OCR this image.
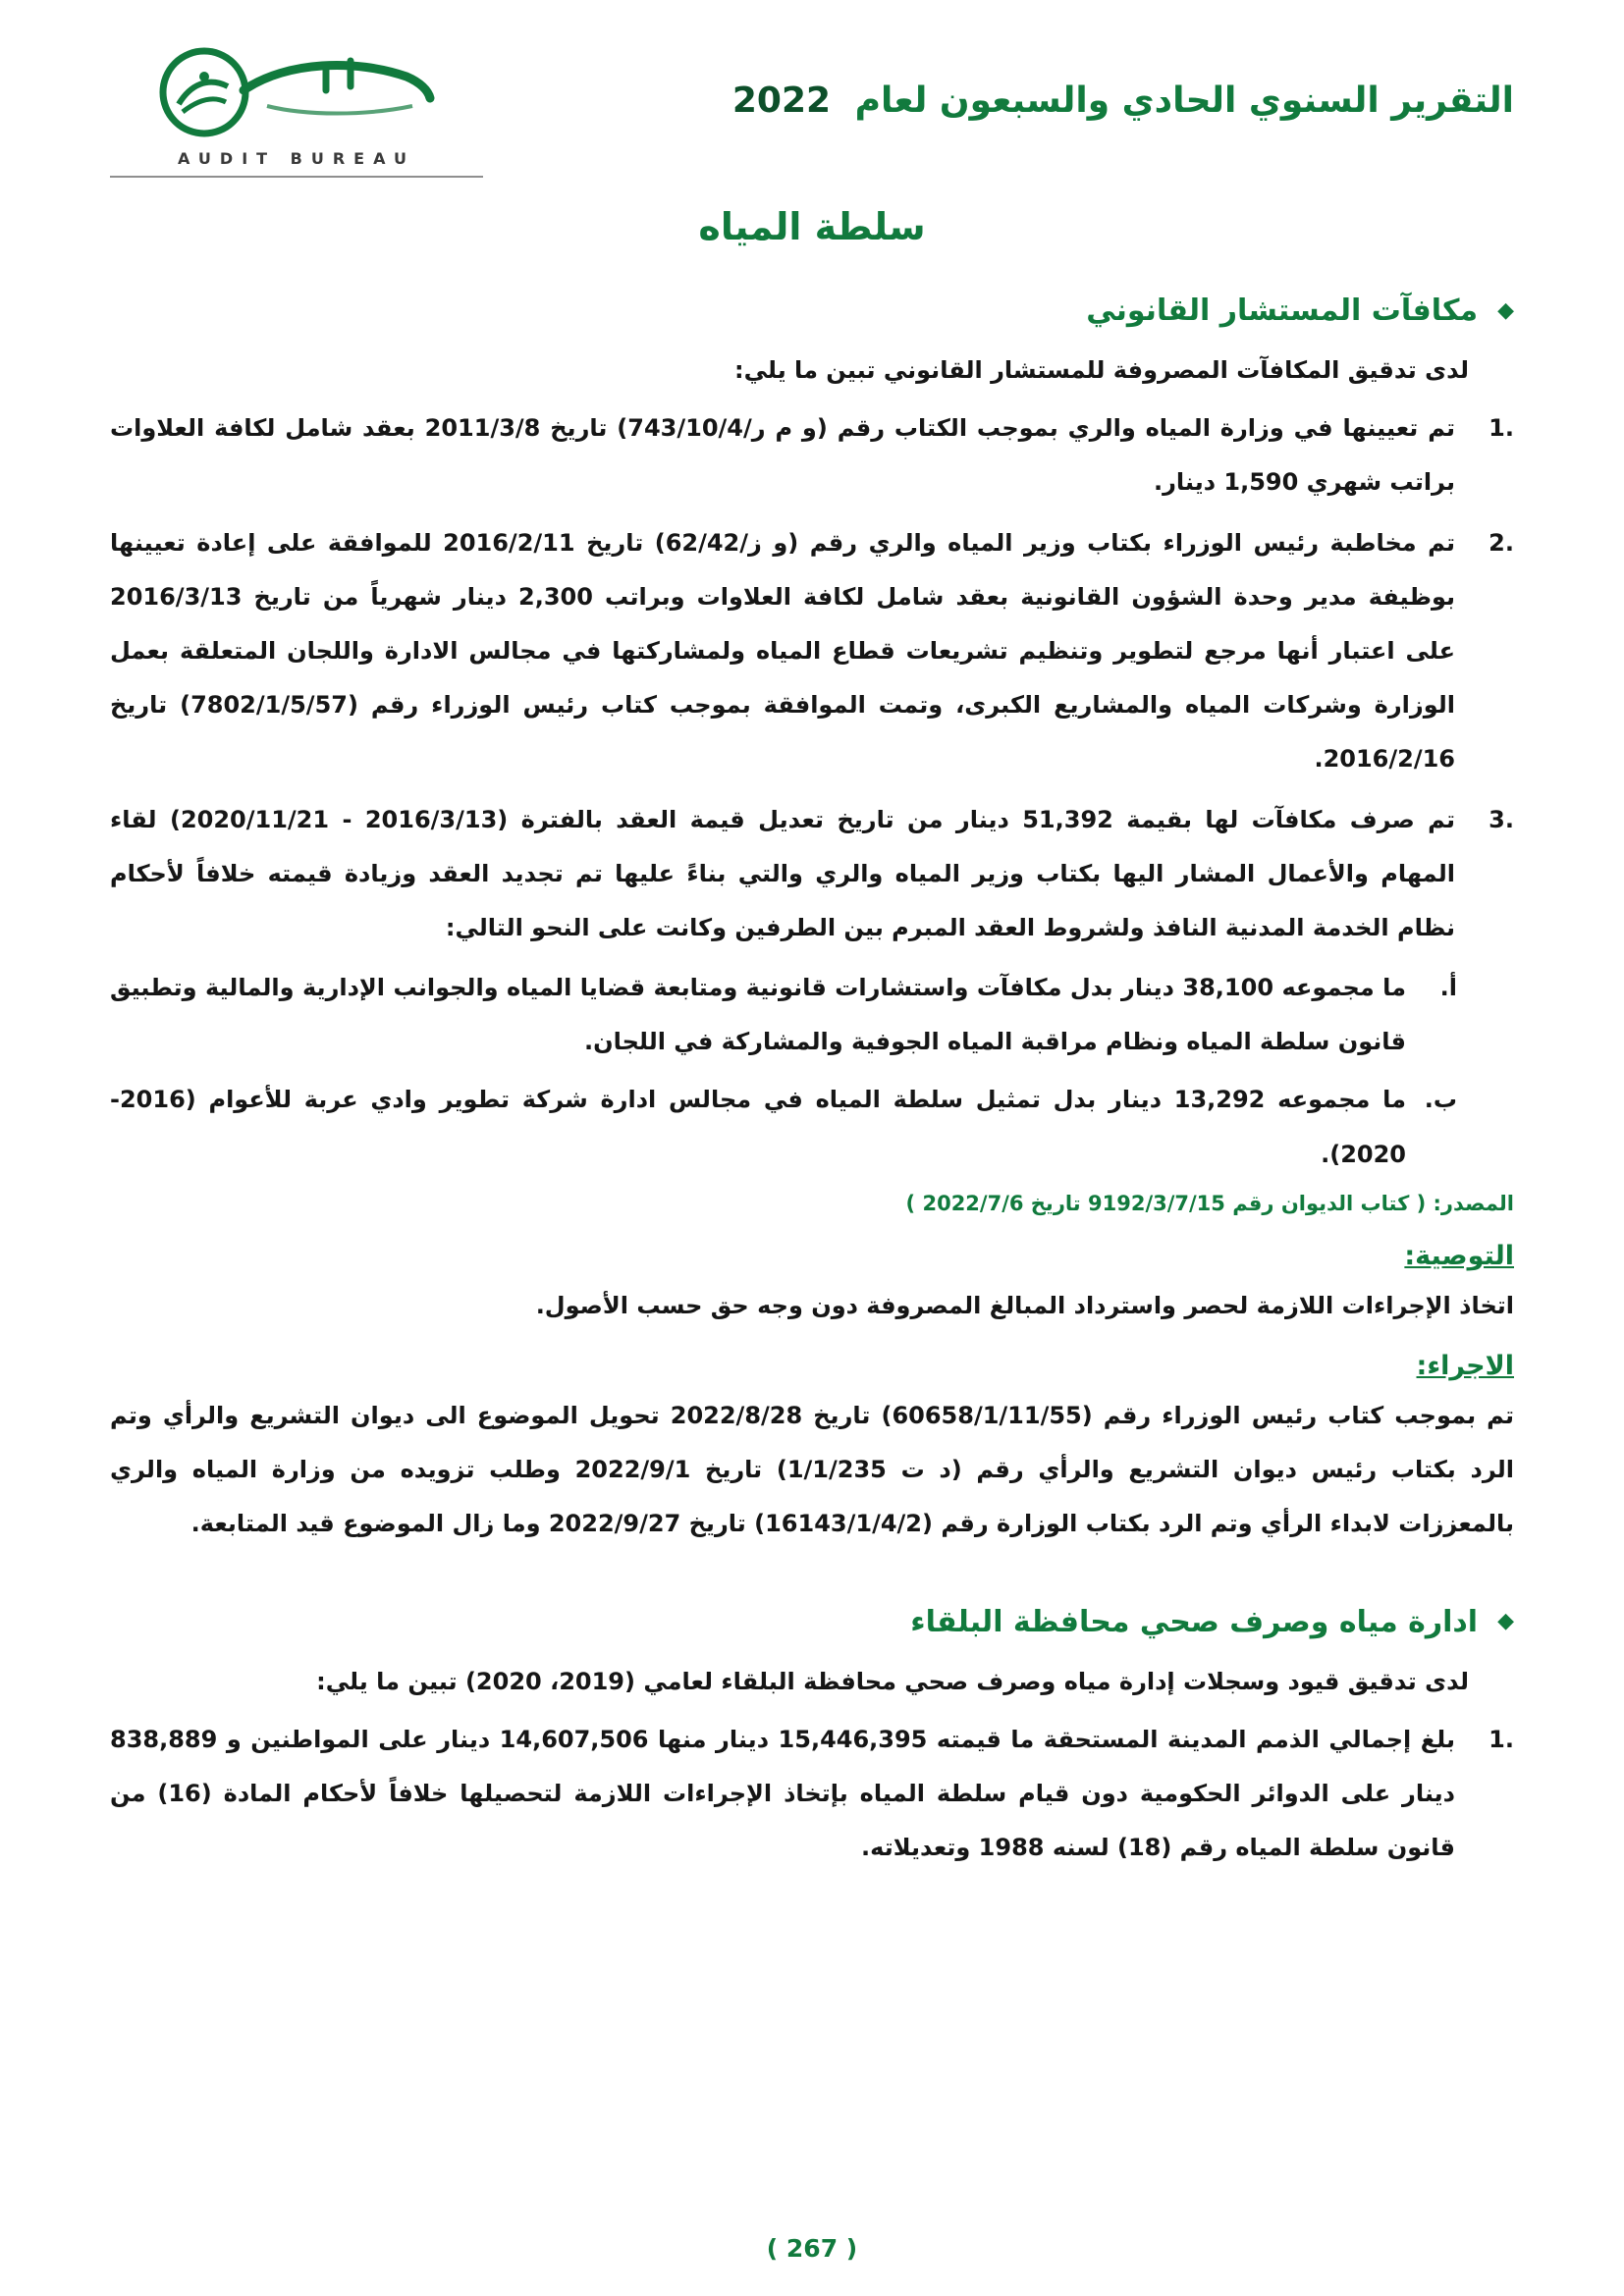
AUDIT BUREAU
التقرير السنوي الحادي والسبعون لعام 2022
سلطة المياه
◆
مكافآت المستشار القانوني
لدى تدقيق المكافآت المصروفة للمستشار القانوني تبين ما يلي:
1.

تم تعيينها في وزارة المياه والري بموجب الكتاب رقم (و م ر/743/10/4) تاريخ 2011/3/8 بعقد شامل لكافة العلاوات براتب شهري 1,590 دينار.

2.

تم مخاطبة رئيس الوزراء بكتاب وزير المياه والري رقم (و ز/62/42) تاريخ 2016/2/11 للموافقة على إعادة تعيينها بوظيفة مدير وحدة الشؤون القانونية بعقد شامل لكافة العلاوات وبراتب 2,300 دينار شهرياً من تاريخ 2016/3/13 على اعتبار أنها مرجع لتطوير وتنظيم تشريعات قطاع المياه ولمشاركتها في مجالس الادارة واللجان المتعلقة بعمل الوزارة وشركات المياه والمشاريع الكبرى، وتمت الموافقة بموجب كتاب رئيس الوزراء رقم (7802/1/5/57) تاريخ 2016/2/16.

3.

تم صرف مكافآت لها بقيمة 51,392 دينار من تاريخ تعديل قيمة العقد بالفترة (2016/3/13 - 2020/11/21) لقاء المهام والأعمال المشار اليها بكتاب وزير المياه والري والتي بناءً عليها تم تجديد العقد وزيادة قيمته خلافاً لأحكام نظام الخدمة المدنية النافذ ولشروط العقد المبرم بين الطرفين وكانت على النحو التالي:

أ.

ما مجموعه 38,100 دينار بدل مكافآت واستشارات قانونية ومتابعة قضايا المياه والجوانب الإدارية والمالية وتطبيق قانون سلطة المياه ونظام مراقبة المياه الجوفية والمشاركة في اللجان.

ب.

ما مجموعه 13,292 دينار بدل تمثيل سلطة المياه في مجالس ادارة شركة تطوير وادي عربة للأعوام (2016-2020).

المصدر: ( كتاب الديوان رقم 9192/3/7/15 تاريخ 2022/7/6 )
التوصية:

اتخاذ الإجراءات اللازمة لحصر واسترداد المبالغ المصروفة دون وجه حق حسب الأصول.

الاجراء:

تم بموجب كتاب رئيس الوزراء رقم (60658/1/11/55) تاريخ 2022/8/28 تحويل الموضوع الى ديوان التشريع والرأي وتم الرد بكتاب رئيس ديوان التشريع والرأي رقم (د ت 1/1/235) تاريخ 2022/9/1 وطلب تزويده من وزارة المياه والري بالمعززات لابداء الرأي وتم الرد بكتاب الوزارة رقم (16143/1/4/2) تاريخ 2022/9/27 وما زال الموضوع قيد المتابعة.

◆
ادارة مياه وصرف صحي محافظة البلقاء
لدى تدقيق قيود وسجلات إدارة مياه وصرف صحي محافظة البلقاء لعامي (2019، 2020) تبين ما يلي:
1.

بلغ إجمالي الذمم المدينة المستحقة ما قيمته 15,446,395 دينار منها 14,607,506 دينار على المواطنين و 838,889 دينار على الدوائر الحكومية دون قيام سلطة المياه بإتخاذ الإجراءات اللازمة لتحصيلها خلافاً لأحكام المادة (16) من قانون سلطة المياه رقم (18) لسنه 1988 وتعديلاته.

( 267 )
